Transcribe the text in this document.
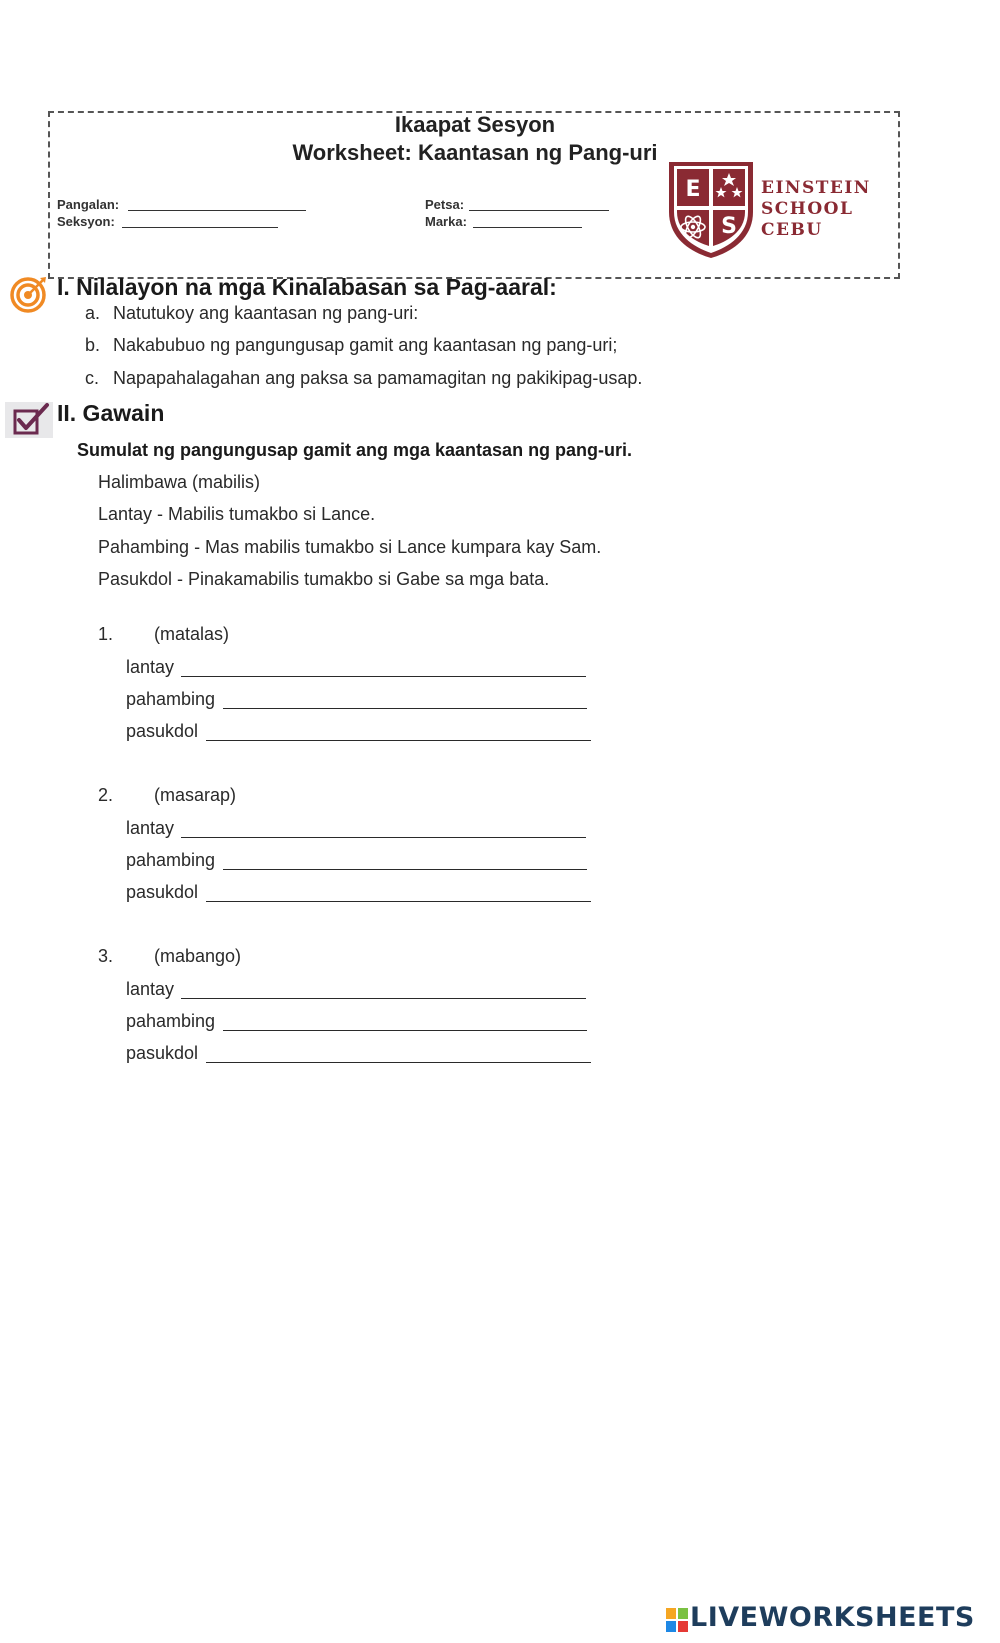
Ikaapat Sesyon
Worksheet: Kaantasan ng Pang-uri
Pangalan:
Seksyon:
Petsa:
Marka:
E
S
EINSTEIN
SCHOOL
CEBU
I. Nilalayon na mga Kinalabasan sa Pag-aaral:
a. Natutukoy ang kaantasan ng pang-uri:
b. Nakabubuo ng pangungusap gamit ang kaantasan ng pang-uri;
c. Napapahalagahan ang paksa sa pamamagitan ng pakikipag-usap.
II. Gawain
Sumulat ng pangungusap gamit ang mga kaantasan ng pang-uri.
Halimbawa (mabilis)
Lantay - Mabilis tumakbo si Lance.
Pahambing - Mas mabilis tumakbo si Lance kumpara kay Sam.
Pasukdol - Pinakamabilis tumakbo si Gabe sa mga bata.
1. (matalas)
lantay
pahambing
pasukdol
2. (masarap)
lantay
pahambing
pasukdol
3. (mabango)
lantay
pahambing
pasukdol
LIVEWORKSHEETS
